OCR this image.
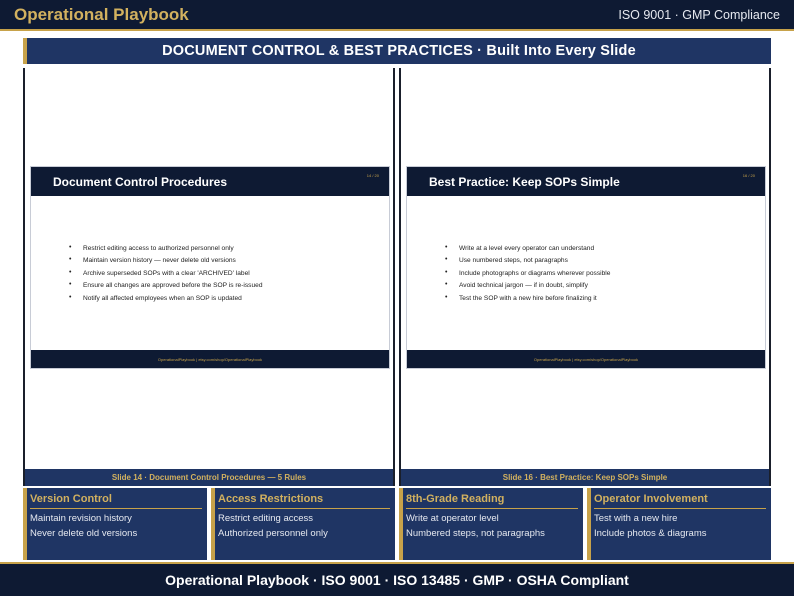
Operational Playbook	ISO 9001 · GMP Compliance
DOCUMENT CONTROL & BEST PRACTICES · Built Into Every Slide
Document Control Procedures	14 / 20
• Restrict editing access to authorized personnel only
• Maintain version history — never delete old versions
• Archive superseded SOPs with a clear 'ARCHIVED' label
• Ensure all changes are approved before the SOP is re-issued
• Notify all affected employees when an SOP is updated
OperationalPlaybook | etsy.com/shop/OperationalPlaybook
Slide 14 · Document Control Procedures — 5 Rules
Best Practice: Keep SOPs Simple	16 / 20
• Write at a level every operator can understand
• Use numbered steps, not paragraphs
• Include photographs or diagrams wherever possible
• Avoid technical jargon — if in doubt, simplify
• Test the SOP with a new hire before finalizing it
OperationalPlaybook | etsy.com/shop/OperationalPlaybook
Slide 16 · Best Practice: Keep SOPs Simple
Version Control
Maintain revision history
Never delete old versions
Access Restrictions
Restrict editing access
Authorized personnel only
8th-Grade Reading
Write at operator level
Numbered steps, not paragraphs
Operator Involvement
Test with a new hire
Include photos & diagrams
Operational Playbook · ISO 9001 · ISO 13485 · GMP · OSHA Compliant
